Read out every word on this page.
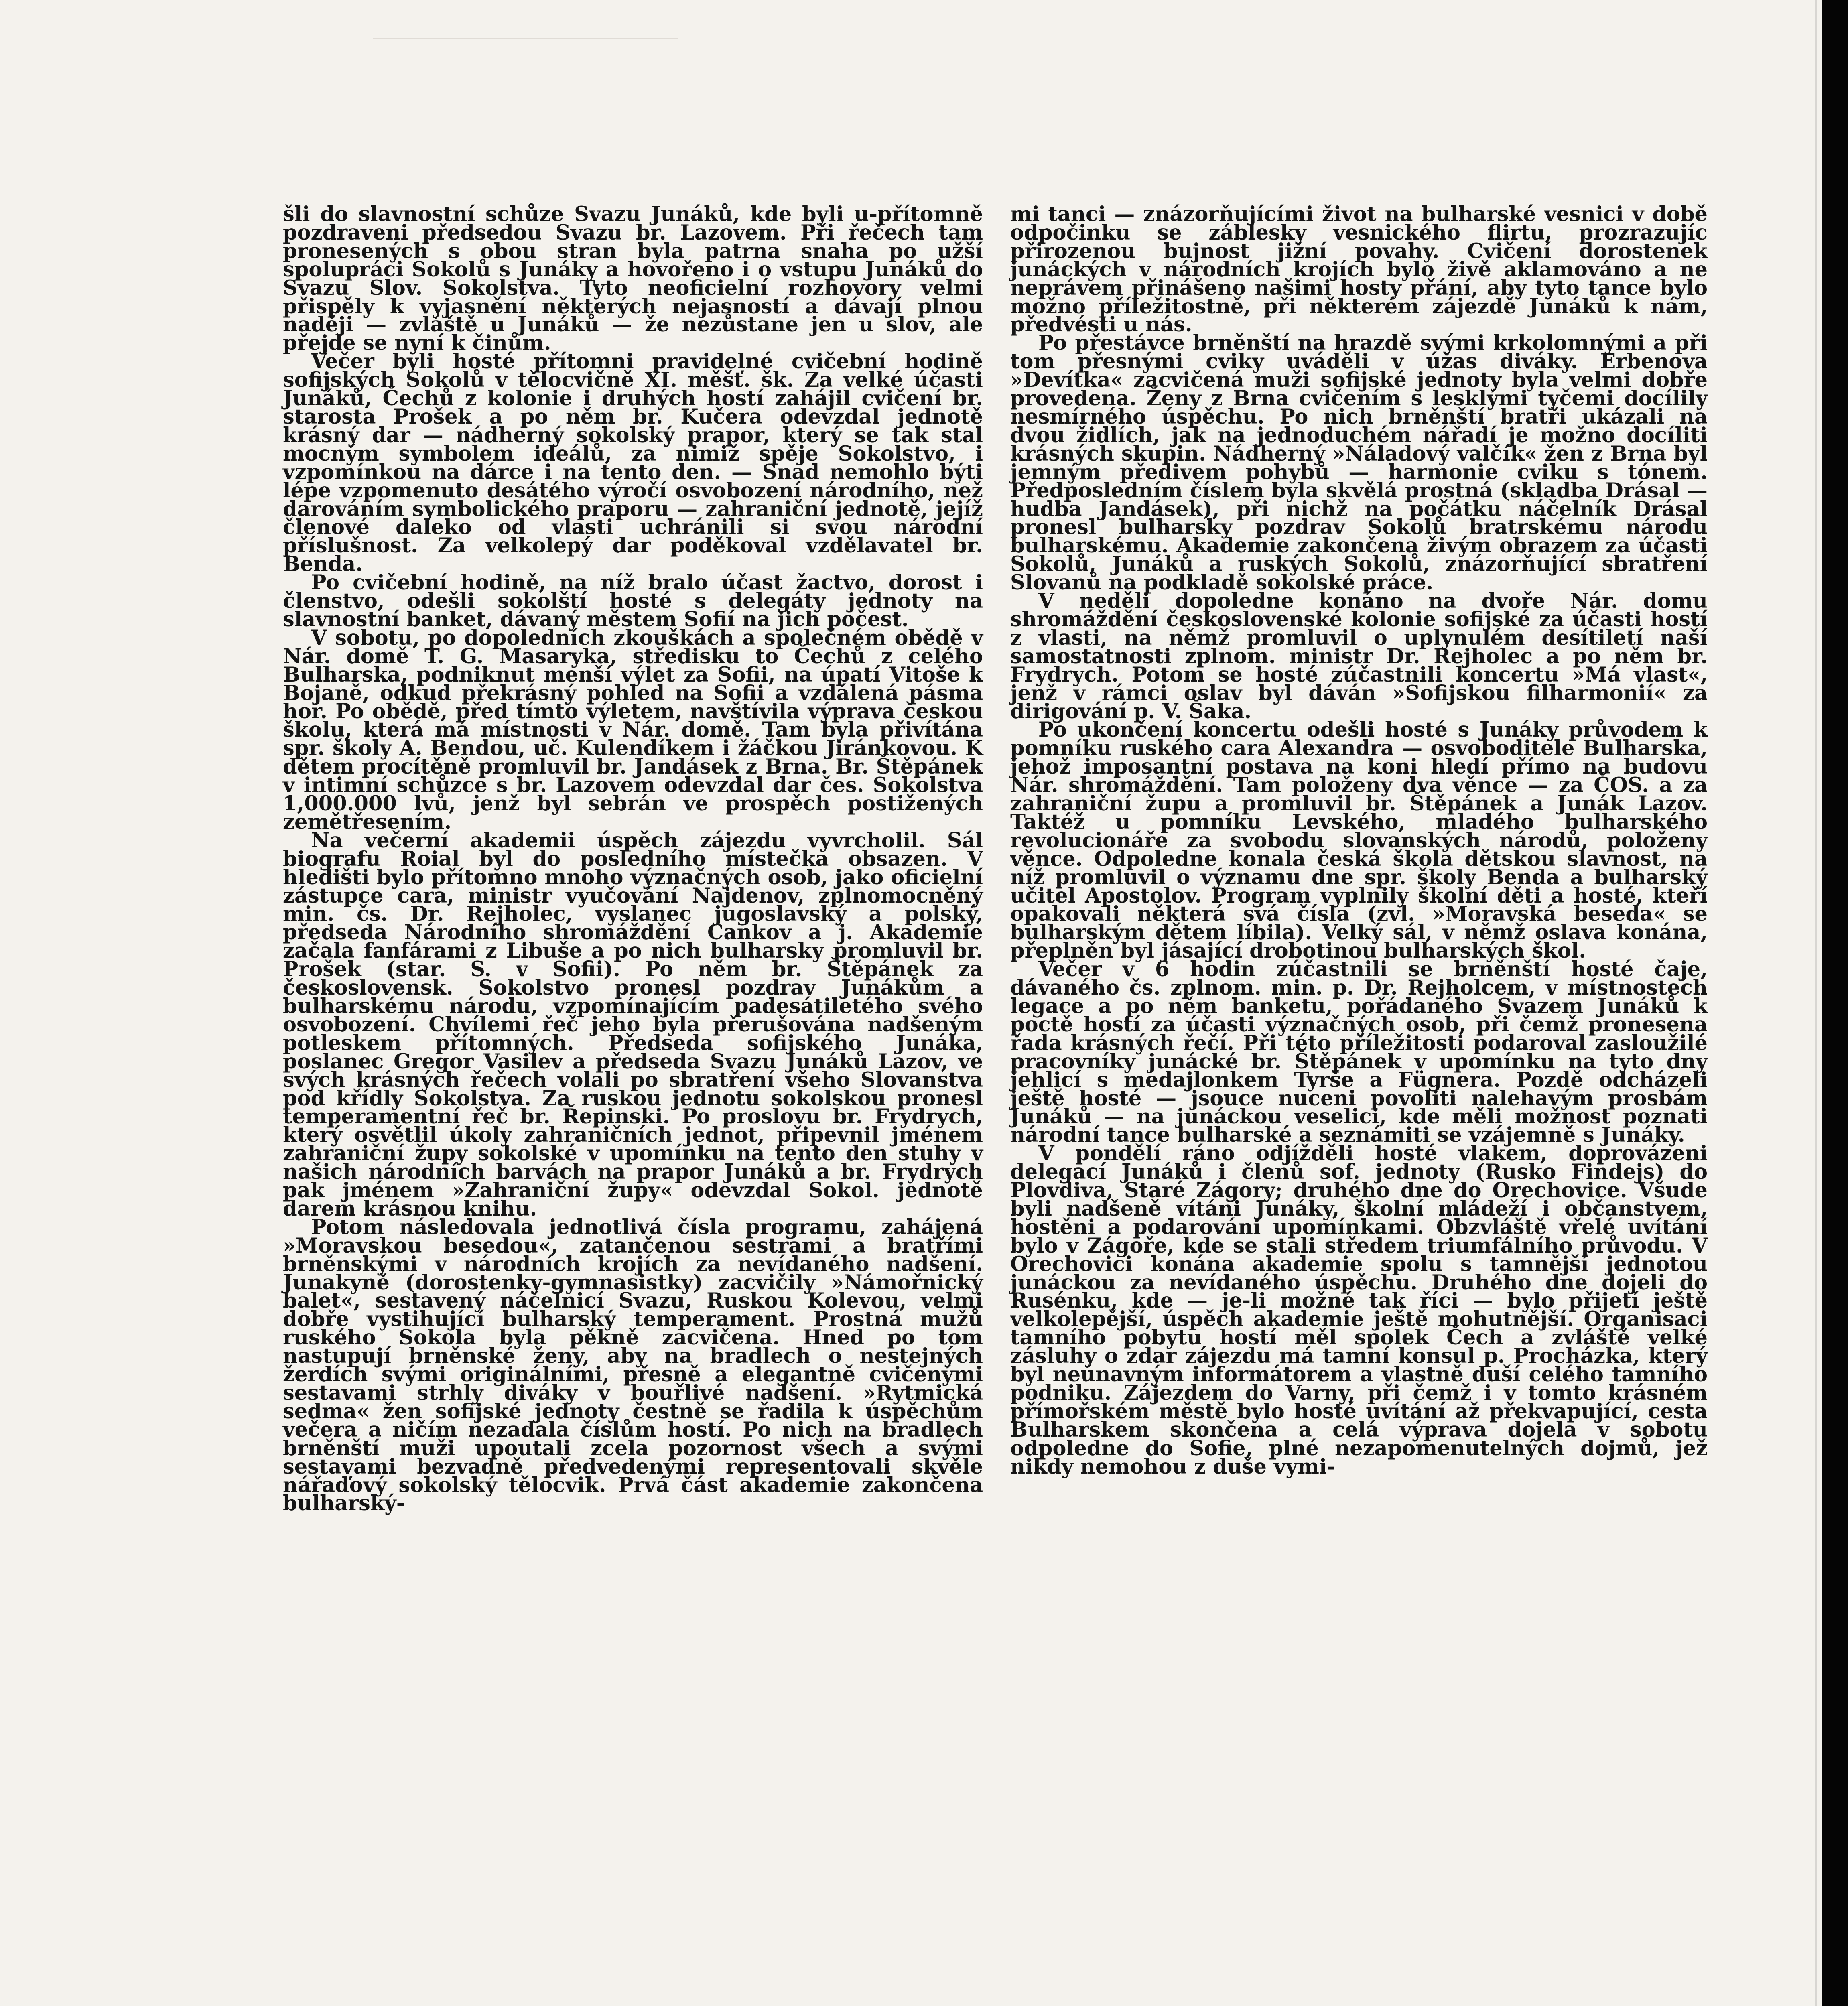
šli do slavnostní schůze Svazu Junáků, kde byli u-přítomně pozdraveni předsedou Svazu br. Lazovem. Při řečech tam pronesených s obou stran byla patrna snaha po užší spolupráci Sokolů s Junáky a hovořeno i o vstupu Junáků do Svazu Slov. Sokolstva. Tyto neoficielní rozhovory velmi přispěly k vyjasnění některých nejasností a dávají plnou naději — zvláště u Junáků — že nezůstane jen u slov, ale přejde se nyní k činům.

Večer byli hosté přítomni pravidelné cvičební hodině sofijských Sokolů v tělocvičně XI. měšť. šk. Za velké účasti Junáků, Čechů z kolonie i druhých hostí zahájil cvičení br. starosta Prošek a po něm br. Kučera odevzdal jednotě krásný dar — nádherný sokolský prapor, který se tak stal mocným symbolem ideálů, za nimiž spěje Sokolstvo, i vzpomínkou na dárce i na tento den. — Snad nemohlo býti lépe vzpomenuto desátého výročí osvobození národního, než darováním symbolického praporu — zahraniční jednotě, jejíž členové daleko od vlasti uchránili si svou národní příslušnost. Za velkolepý dar poděkoval vzdělavatel br. Benda.

Po cvičební hodině, na níž bralo účast žactvo, dorost i členstvo, odešli sokolští hosté s delegáty jednoty na slavnostní banket, dávaný městem Sofií na jich počest.

V sobotu, po dopoledních zkouškách a společném obědě v Nár. domě T. G. Masaryka, středisku to Čechů z celého Bulharska, podniknut menší výlet za Sofii, na úpatí Vitoše k Bojaně, odkud překrásný pohled na Sofii a vzdálená pásma hor. Po obědě, před tímto výletem, navštívila výprava českou školu, která má místnosti v Nár. domě. Tam byla přivítána spr. školy A. Bendou, uč. Kulendíkem i žáčkou Jiránkovou. K dětem procítěně promluvil br. Jandásek z Brna. Br. Štěpánek v intimní schůzce s br. Lazovem odevzdal dar čes. Sokolstva 1,000.000 lvů, jenž byl sebrán ve prospěch postižených zemětřesením.

Na večerní akademii úspěch zájezdu vyvrcholil. Sál biografu Roial byl do posledního místečka obsazen. V hledišti bylo přítomno mnoho význačných osob, jako oficielní zástupce cara, ministr vyučování Najdenov, zplnomocněný min. čs. Dr. Rejholec, vyslanec jugoslavský a polský, předseda Národního shromáždění Cankov a j. Akademie začala fanfárami z Libuše a po nich bulharsky promluvil br. Prošek (star. S. v Sofii). Po něm br. Štěpánek za československ. Sokolstvo pronesl pozdrav Junákům a bulharskému národu, vzpomínajícím padesátiletého svého osvobození. Chvílemi řeč jeho byla přerušována nadšeným potleskem přítomných. Předseda sofijského Junáka, poslanec Gregor Vasilev a předseda Svazu Junáků Lazov, ve svých krásných řečech volali po sbratření všeho Slovanstva pod křídly Sokolstva. Za ruskou jednotu sokolskou pronesl temperamentní řeč br. Řepinski. Po proslovu br. Frydrych, který osvětlil úkoly zahraničních jednot, připevnil jménem zahraniční župy sokolské v upomínku na tento den stuhy v našich národních barvách na prapor Junáků a br. Frydrych pak jménem »Zahraniční župy« odevzdal Sokol. jednotě darem krásnou knihu.

Potom následovala jednotlivá čísla programu, zahájená »Moravskou besedou«, zatančenou sestrami a bratřími brněnskými v národních krojích za nevídaného nadšení. Junakyně (dorostenky-gymnasistky) zacvičily »Námořnický balet«, sestavený náčelnicí Svazu, Ruskou Kolevou, velmi dobře vystihující bulharský temperament. Prostná mužů ruského Sokola byla pěkně zacvičena. Hned po tom nastupují brněnské ženy, aby na bradlech o nestejných žerdích svými originálními, přesně a elegantně cvičenými sestavami strhly diváky v bouřlivé nadšení. »Rytmická sedma« žen sofijské jednoty čestně se řadila k úspěchům večera a ničím nezadala číslům hostí. Po nich na bradlech brněnští muži upoutali zcela pozornost všech a svými sestavami bezvadně předvedenými representovali skvěle nářaďový sokolský tělocvik. Prvá část akademie zakončena bulharský-

mi tanci — znázorňujícími život na bulharské vesnici v době odpočinku se záblesky vesnického flirtu, prozrazujíc přirozenou bujnost jižní povahy. Cvičení dorostenek junáckých v národních krojích bylo živě aklamováno a ne neprávem přinášeno našimi hosty přání, aby tyto tance bylo možno příležitostně, při některém zájezdě Junáků k nám, předvésti u nás.

Po přestávce brněnští na hrazdě svými krkolomnými a při tom přesnými cviky uváděli v úžas diváky. Erbenova »Devítka« zacvičená muži sofijské jednoty byla velmi dobře provedena. Ženy z Brna cvičením s lesklými tyčemi docílily nesmírného úspěchu. Po nich brněnští bratři ukázali na dvou židlích, jak na jednoduchém nářadí je možno docíliti krásných skupin. Nádherný »Náladový valčík« žen z Brna byl jemným předivem pohybů — harmonie cviku s tónem. Předposledním číslem byla skvělá prostná (skladba Drásal — hudba Jandásek), při nichž na počátku náčelník Drásal pronesl bulharsky pozdrav Sokolů bratrskému národu bulharskému. Akademie zakončena živým obrazem za účasti Sokolů, Junáků a ruských Sokolů, znázorňující sbratření Slovanů na podkladě sokolské práce.

V neděli dopoledne konáno na dvoře Nár. domu shromáždění československé kolonie sofijské za účasti hostí z vlasti, na němž promluvil o uplynulém desítiletí naší samostatnosti zplnom. ministr Dr. Rejholec a po něm br. Frydrych. Potom se hosté zúčastnili koncertu »Má vlast«, jenž v rámci oslav byl dáván »Sofijskou filharmonií« za dirigování p. V. Šaka.

Po ukončení koncertu odešli hosté s Junáky průvodem k pomníku ruského cara Alexandra — osvoboditele Bulharska, jehož imposantní postava na koni hledí přímo na budovu Nár. shromáždění. Tam položeny dva věnce — za ČOS. a za zahraniční župu a promluvil br. Štěpánek a Junák Lazov. Taktéž u pomníku Levského, mladého bulharského revolucionáře za svobodu slovanských národů, položeny věnce. Odpoledne konala česká škola dětskou slavnost, na níž promluvil o významu dne spr. školy Benda a bulharský učitel Apostolov. Program vyplnily školní děti a hosté, kteří opakovali některá svá čísla (zvl. »Moravská beseda« se bulharským dětem líbila). Velký sál, v němž oslava konána, přeplněn byl jásající drobotinou bulharských škol.

Večer v 6 hodin zúčastnili se brněnští hosté čaje, dávaného čs. zplnom. min. p. Dr. Rejholcem, v místnostech legace a po něm banketu, pořádaného Svazem Junáků k poctě hostí za účasti význačných osob, při čemž pronesena řada krásných řečí. Při této příležitosti podaroval zasloužilé pracovníky junácké br. Štěpánek v upomínku na tyto dny jehlicí s medajlonkem Tyrše a Fügnera. Pozdě odcházeli ještě hosté — jsouce nuceni povoliti nalehavým prosbám Junáků — na junáckou veselici, kde měli možnost poznati národní tance bulharské a seznámiti se vzájemně s Junáky.

V pondělí ráno odjížděli hosté vlakem, doprovázeni delegací Junáků i členů sof. jednoty (Rusko Findejs) do Plovdiva, Staré Zágory; druhého dne do Orechovice. Všude byli nadšeně vítáni Junáky, školní mládeží i občanstvem, hostěni a podarováni upomínkami. Obzvláště vřelé uvítání bylo v Zágoře, kde se stali středem triumfálního průvodu. V Orechovici konána akademie spolu s tamnější jednotou junáckou za nevídaného úspěchu. Druhého dne dojeli do Rusénku, kde — je-li možné tak říci — bylo přijetí ještě velkolepější, úspěch akademie ještě mohutnější. Organisaci tamního pobytu hostí měl spolek Čech a zvláště velké zásluhy o zdar zájezdu má tamní konsul p. Procházka, který byl neúnavným informátorem a vlastně duší celého tamního podniku. Zájezdem do Varny, při čemž i v tomto krásném přímořském městě bylo hosté uvítání až překvapující, cesta Bulharskem skončena a celá výprava dojela v sobotu odpoledne do Sofie, plné nezapomenutelných dojmů, jež nikdy nemohou z duše vymi-
